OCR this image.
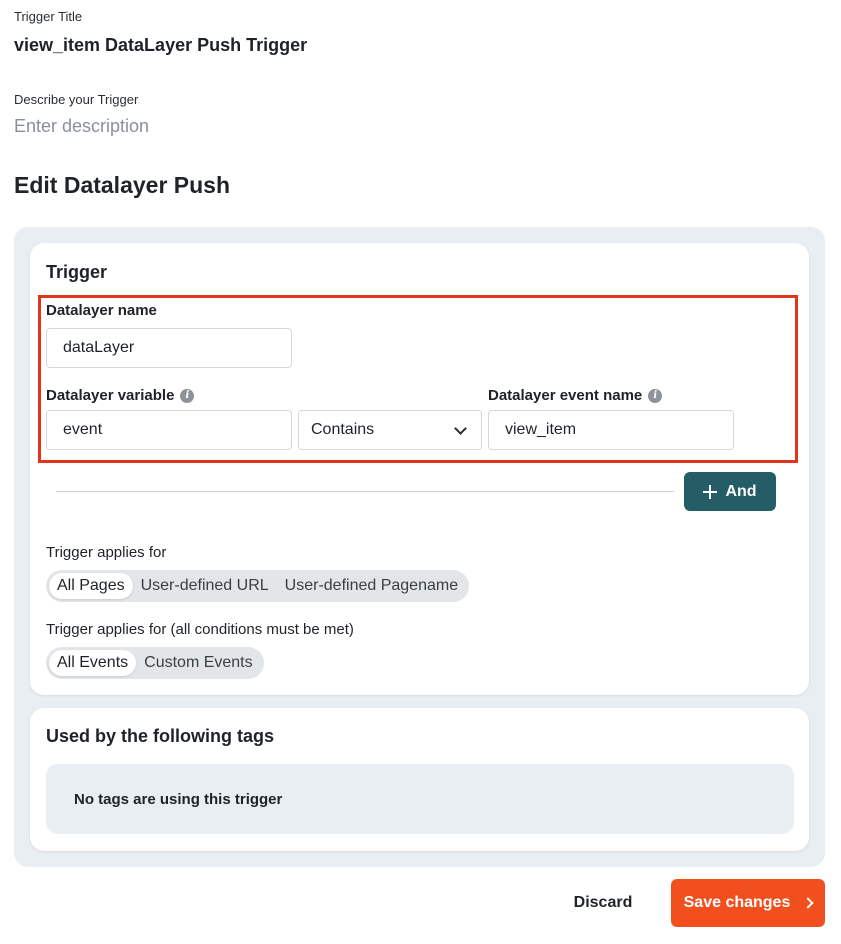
Trigger Title
view_item DataLayer Push Trigger
Describe your Trigger
Enter description
Edit Datalayer Push
Trigger
Datalayer name
dataLayer
Datalayer variable	i
event	Contains
Datalayer event name	i
view_item
And
Trigger applies for
All Pages	User-defined URL	User-defined Pagename
Trigger applies for (all conditions must be met)
All Events	Custom Events
Used by the following tags
No tags are using this trigger
Discard	Save changes
